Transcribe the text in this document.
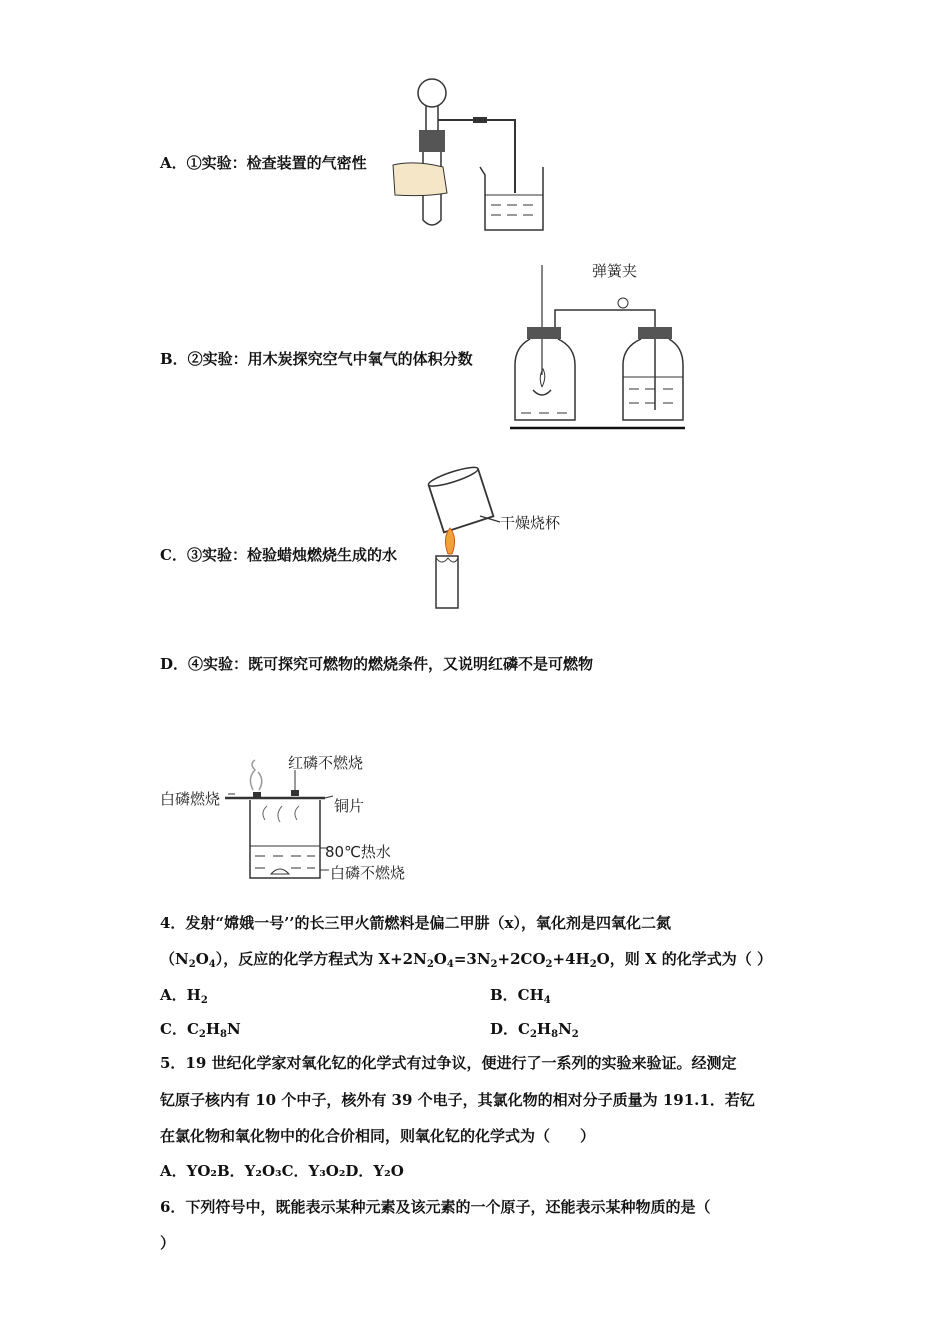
A．①实验：检查装置的气密性
B．②实验：用木炭探究空气中氧气的体积分数
弹簧夹
C．③实验：检验蜡烛燃烧生成的水
干燥烧杯
D．④实验：既可探究可燃物的燃烧条件，又说明红磷不是可燃物
红磷不燃烧
白磷燃烧	铜片
80℃热水
白磷不燃烧
4．发射“嫦娥一号’’的长三甲火箭燃料是偏二甲肼（x），氧化剂是四氧化二氮
$(N_2O_4)$，反应的化学方程式为 $X+2N_2O_4=3N_2+2CO_2+4H_2O$，则 X 的化学式为（ ）
A．$H_2$	B．$CH_4$
C．$C_2H_8N$	D．$C_2H_8N_2$
5．19 世纪化学家对氧化钇的化学式有过争议，便进行了一系列的实验来验证。经测定
钇原子核内有 10 个中子，核外有 39 个电子，其氯化物的相对分子质量为 191.1．若钇
在氯化物和氧化物中的化合价相同，则氧化钇的化学式为（　　）
A．YO₂B．Y₂O₃C．Y₃O₂D．Y₂O
6．下列符号中，既能表示某种元素及该元素的一个原子，还能表示某种物质的是（
）
